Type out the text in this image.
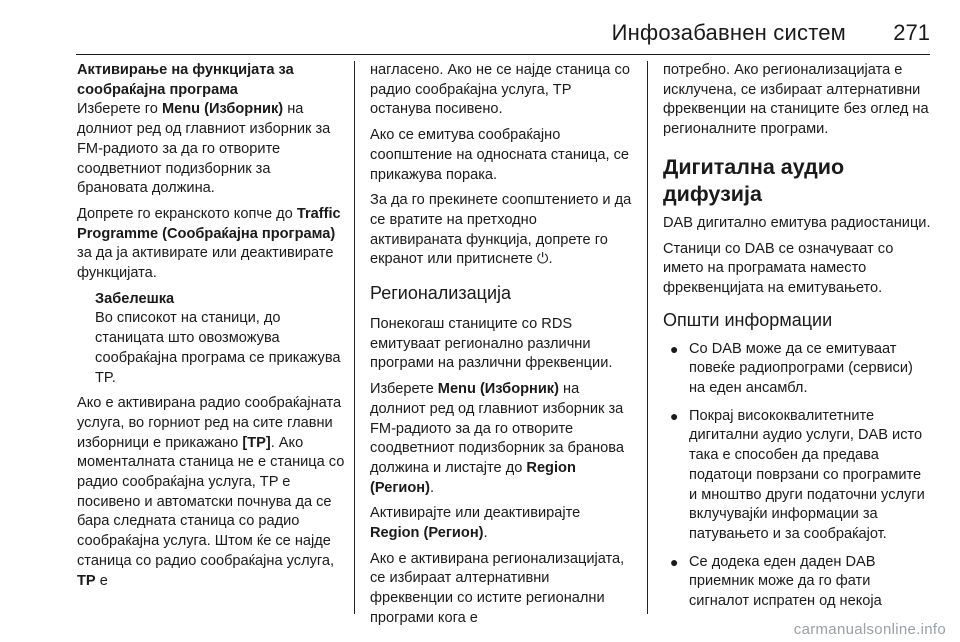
Инфозабавнен систем 271

Активирање на функцијата за сообраќајна програма

Изберете го Menu (Изборник) на долниот ред од главниот изборник за FM-радиото за да го отворите соодветниот подизборник за брановата должина.

Допрете го екранското копче до Traffic Programme (Сообраќајна програма) за да ја активирате или деактивирате функцијата.

Забелешка

Во списокот на станици, до станицата што овозможува сообраќајна програма се прикажува TP.

Ако е активирана радио сообраќајната услуга, во горниот ред на сите главни изборници е прикажано [TP]. Ако моменталната станица не е станица со радио сообраќајна услуга, TP е посивено и автоматски почнува да се бара следната станица со радио сообраќајна услуга. Штом ќе се најде станица со радио сообраќајна услуга, TP е

нагласено. Ако не се најде станица со радио сообраќајна услуга, TP останува посивено.

Ако се емитува сообраќајно соопштение на односната станица, се прикажува порака.

За да го прекинете соопштението и да се вратите на претходно активираната функција, допрете го екранот или притиснете ⏻.

Регионализација

Понекогаш станиците со RDS емитуваат регионално различни програми на различни фреквенции.

Изберете Menu (Изборник) на долниот ред од главниот изборник за FM-радиото за да го отворите соодветниот подизборник за бранова должина и листајте до Region (Регион).

Активирајте или деактивирајте Region (Регион).

Ако е активирана регионализацијата, се избираат алтернативни фреквенции со иститe регионални програми кога е

потребно. Ако регионализацијата е исклучена, се избираат алтернативни фреквенции на станиците без оглед на регионалните програми.

Дигитална аудио дифузија

DAB дигитално емитува радиостаници.

Станици со DAB се означуваат со името на програмата наместо фреквенцијата на емитувањето.

Општи информации

● Со DAB може да се емитуваат повеќе радиопрограми (сервиси) на еден ансамбл.
● Покрај висококвалитетните дигитални аудио услуги, DAB исто така е способен да предава податоци поврзани со програмите и мноштво други податочни услуги вклучувајќи информации за патувањето и за сообраќајот.
● Се додека еден даден DAB приемник може да го фати сигналот испратен од некоја
carmanualsonline.info
